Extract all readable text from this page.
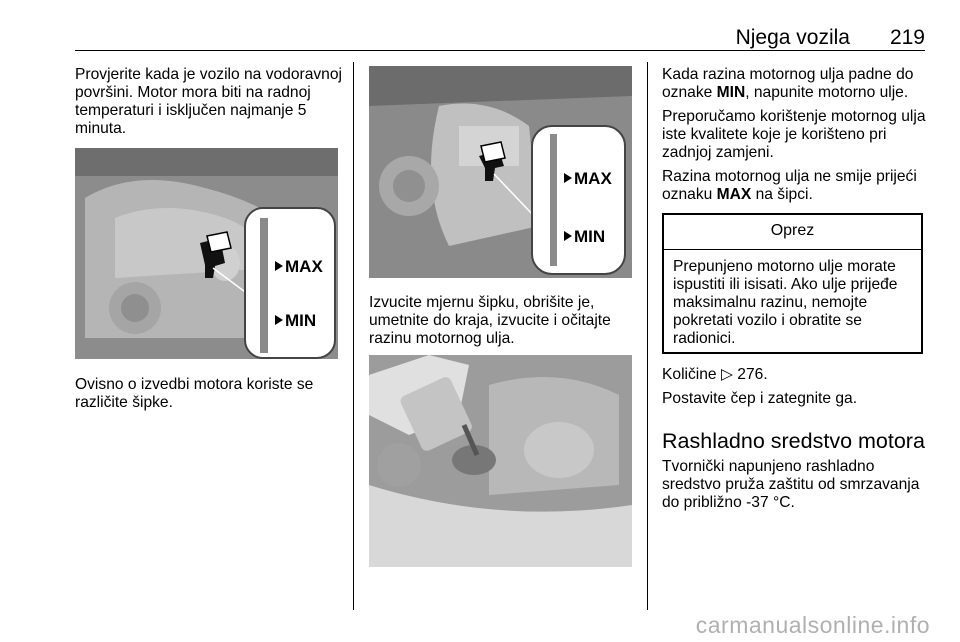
Njega vozila 219
Provjerite kada je vozilo na vodoravnoj površini. Motor mora biti na radnoj temperaturi i isključen najmanje 5 minuta.
MAX
MIN
Ovisno o izvedbi motora koriste se različite šipke.
MAX
MIN
Izvucite mjernu šipku, obrišite je, umetnite do kraja, izvucite i očitajte razinu motornog ulja.
Kada razina motornog ulja padne do oznake MIN, napunite motorno ulje.
Preporučamo korištenje motornog ulja iste kvalitete koje je korišteno pri zadnjoj zamjeni.
Razina motornog ulja ne smije prijeći oznaku MAX na šipci.
Oprez
Prepunjeno motorno ulje morate ispustiti ili isisati. Ako ulje prijeđe maksimalnu razinu, nemojte pokretati vozilo i obratite se radionici.
Količine ▷ 276.
Postavite čep i zategnite ga.
Rashladno sredstvo motora
Tvornički napunjeno rashladno sredstvo pruža zaštitu od smrzavanja do približno -37 °C.
carmanualsonline.info
